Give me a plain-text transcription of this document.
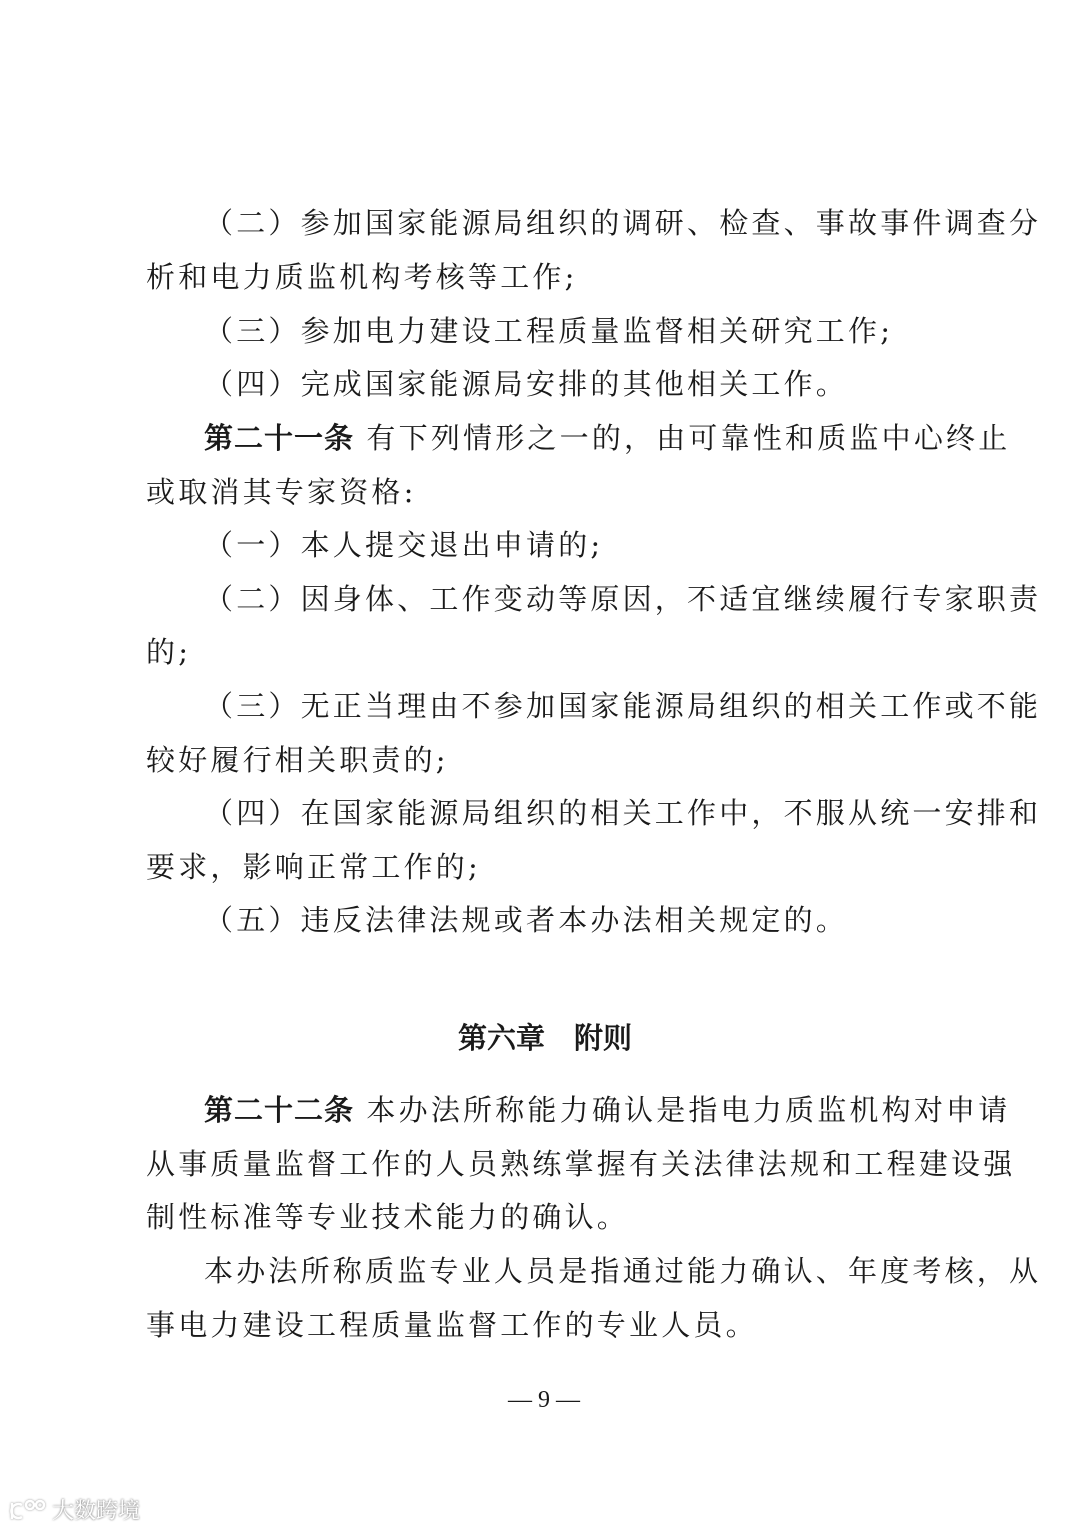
（二）参加国家能源局组织的调研、检查、事故事件调查分
析和电力质监机构考核等工作;
（三）参加电力建设工程质量监督相关研究工作;
（四）完成国家能源局安排的其他相关工作。
第二十一条 有下列情形之一的，由可靠性和质监中心终止
或取消其专家资格:
（一）本人提交退出申请的;
（二）因身体、工作变动等原因，不适宜继续履行专家职责
的;
（三）无正当理由不参加国家能源局组织的相关工作或不能
较好履行相关职责的;
（四）在国家能源局组织的相关工作中，不服从统一安排和
要求，影响正常工作的;
（五）违反法律法规或者本办法相关规定的。
第六章　附则
第二十二条 本办法所称能力确认是指电力质监机构对申请
从事质量监督工作的人员熟练掌握有关法律法规和工程建设强
制性标准等专业技术能力的确认。
本办法所称质监专业人员是指通过能力确认、年度考核，从
事电力建设工程质量监督工作的专业人员。
— 9 —
大数跨境
